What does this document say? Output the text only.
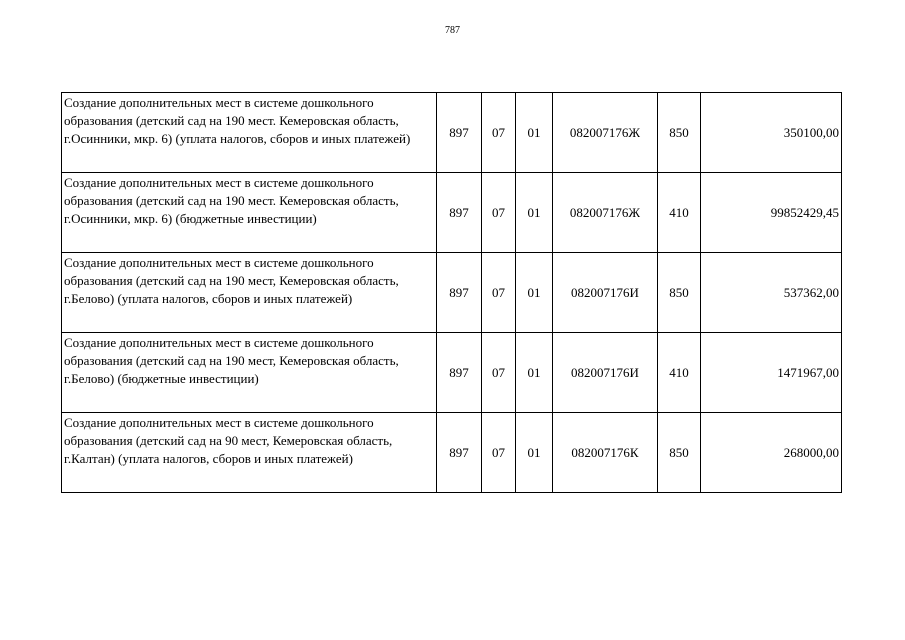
787
Создание дополнительных мест в системе дошкольного образования (детский сад на 190 мест. Кемеровская область, г.Осинники, мкр. 6) (уплата налогов, сборов и иных платежей)	897	07	01	082007176Ж	850	350100,00
Создание дополнительных мест в системе дошкольного образования (детский сад на 190 мест. Кемеровская область, г.Осинники, мкр. 6) (бюджетные инвестиции)	897	07	01	082007176Ж	410	99852429,45
Создание дополнительных мест в системе дошкольного образования (детский сад на 190 мест, Кемеровская область, г.Белово) (уплата налогов, сборов и иных платежей)	897	07	01	082007176И	850	537362,00
Создание дополнительных мест в системе дошкольного образования (детский сад на 190 мест, Кемеровская область, г.Белово) (бюджетные инвестиции)	897	07	01	082007176И	410	1471967,00
Создание дополнительных мест в системе дошкольного образования (детский сад на 90 мест, Кемеровская область, г.Калтан) (уплата налогов, сборов и иных платежей)	897	07	01	082007176К	850	268000,00
